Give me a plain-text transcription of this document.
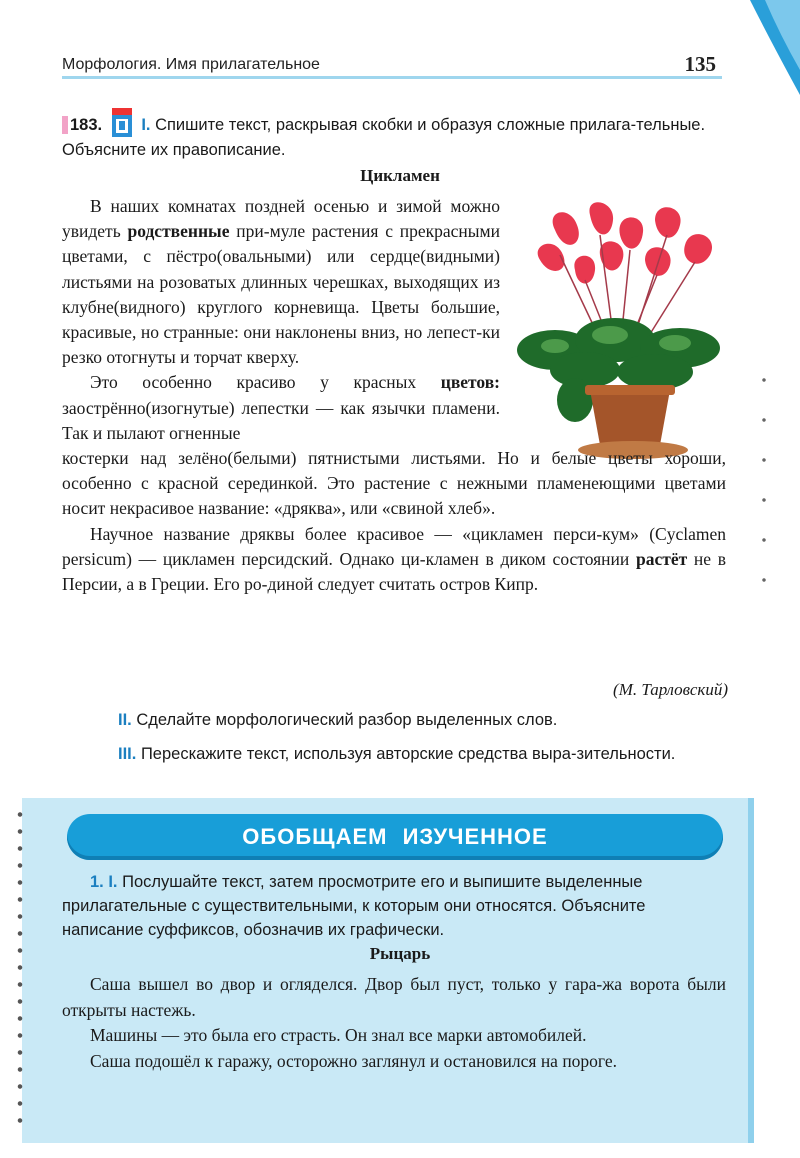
Морфология. Имя прилагательное	135
183. I. Спишите текст, раскрывая скобки и образуя сложные прилага-тельные. Объясните их правописание.
Цикламен

В наших комнатах поздней осенью и зимой можно увидеть родственные при-муле растения с прекрасными цветами, с пёстро(овальными) или сердце(видными) листьями на розоватых длинных черешках, выходящих из клубне(видного) круглого корневища. Цветы большие, красивые, но странные: они наклонены вниз, но лепест-ки резко отогнуты и торчат кверху.

Это особенно красиво у красных цветов: заострённо(изогнутые) лепестки — как язычки пламени. Так и пылают огненные

костерки над зелёно(белыми) пятнистыми листьями. Но и белые цветы хороши, особенно с красной серединкой. Это растение с нежными пламенеющими цветами носит некрасивое название: «дряква», или «свиной хлеб».

Научное название дряквы более красивое — «цикламен перси-кум» (Cyclamen persicum) — цикламен персидский. Однако ци-кламен в диком состоянии растёт не в Персии, а в Греции. Его ро-диной следует считать остров Кипр.

(М. Тарловский)
II. Сделайте морфологический разбор выделенных слов.
III. Перескажите текст, используя авторские средства выра-зительности.
ОБОБЩАЕМ ИЗУЧЕННОЕ
1. I. Послушайте текст, затем просмотрите его и выпишите выделенные прилагательные с существительными, к которым они относятся. Объясните написание суффиксов, обозначив их графически.
Рыцарь

Саша вышел во двор и огляделся. Двор был пуст, только у гара-жа ворота были открыты настежь.

Машины — это была его страсть. Он знал все марки автомобилей.

Саша подошёл к гаражу, осторожно заглянул и остановился на пороге.
